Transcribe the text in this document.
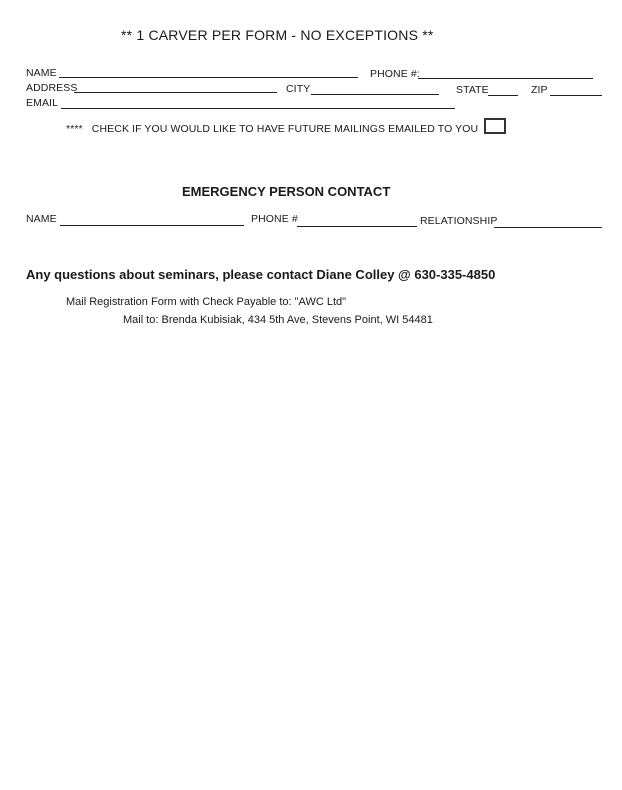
** 1 CARVER PER FORM - NO EXCEPTIONS **
NAME	PHONE #:
ADDRESS	CITY	STATE	ZIP
EMAIL
****   CHECK IF YOU WOULD LIKE TO HAVE FUTURE MAILINGS EMAILED TO YOU
EMERGENCY PERSON CONTACT
NAME	PHONE #	RELATIONSHIP
Any questions about seminars, please contact Diane Colley @ 630-335-4850
Mail Registration Form with Check Payable to: "AWC Ltd"
Mail to: Brenda Kubisiak, 434 5th Ave, Stevens Point, WI 54481
